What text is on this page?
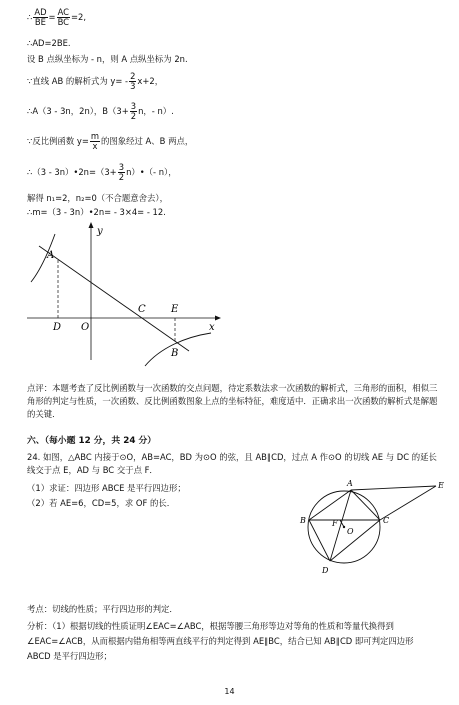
∴ $\frac{AD}{BE} = \frac{AC}{BC} =2$,
∴AD=2BE.
设 B 点纵坐标为 - n，则 A 点纵坐标为 2n.
∵直线 AB 的解析式为 $y= - \frac{2}{3} x+2$，
∴A（3 - 3n，2n），$B(3+ \frac{3}{2}$ n，- n）.
∵反比例函数 $y= \frac{m}{x}$ 的图象经过 A、B 两点，
∴（3 - 3n）•2n=（3+ $\frac{3}{2}$ n）•（- n），
解得 n₁=2，n₂=0（不合题意舍去），
∴m=（3 - 3n）•2n= - 3×4= - 12.
y
x
A
B
C
D
E
O
点评：本题考查了反比例函数与一次函数的交点问题，待定系数法求一次函数的解析式，三角形的面积，相似三角形的判定与性质，一次函数、反比例函数图象上点的坐标特征，难度适中．正确求出一次函数的解析式是解题的关键．
六、（每小题 12 分，共 24 分）
24. 如图，△ABC 内接于⊙O，AB=AC，BD 为⊙O 的弦，且 AB∥CD，过点 A 作⊙O 的切线 AE 与 DC 的延长线交于点 E，AD 与 BC 交于点 F．
（1）求证：四边形 ABCE 是平行四边形；
（2）若 AE=6，CD=5，求 OF 的长．
A
B	C
D
E
F
O
考点：切线的性质；平行四边形的判定．
分析：（1）根据切线的性质证明∠EAC=∠ABC，根据等腰三角形等边对等角的性质和等量代换得到∠EAC=∠ACB，从而根据内错角相等两直线平行的判定得到 AE∥BC，结合已知 AB∥CD 即可判定四边形 ABCD 是平行四边形；
14
